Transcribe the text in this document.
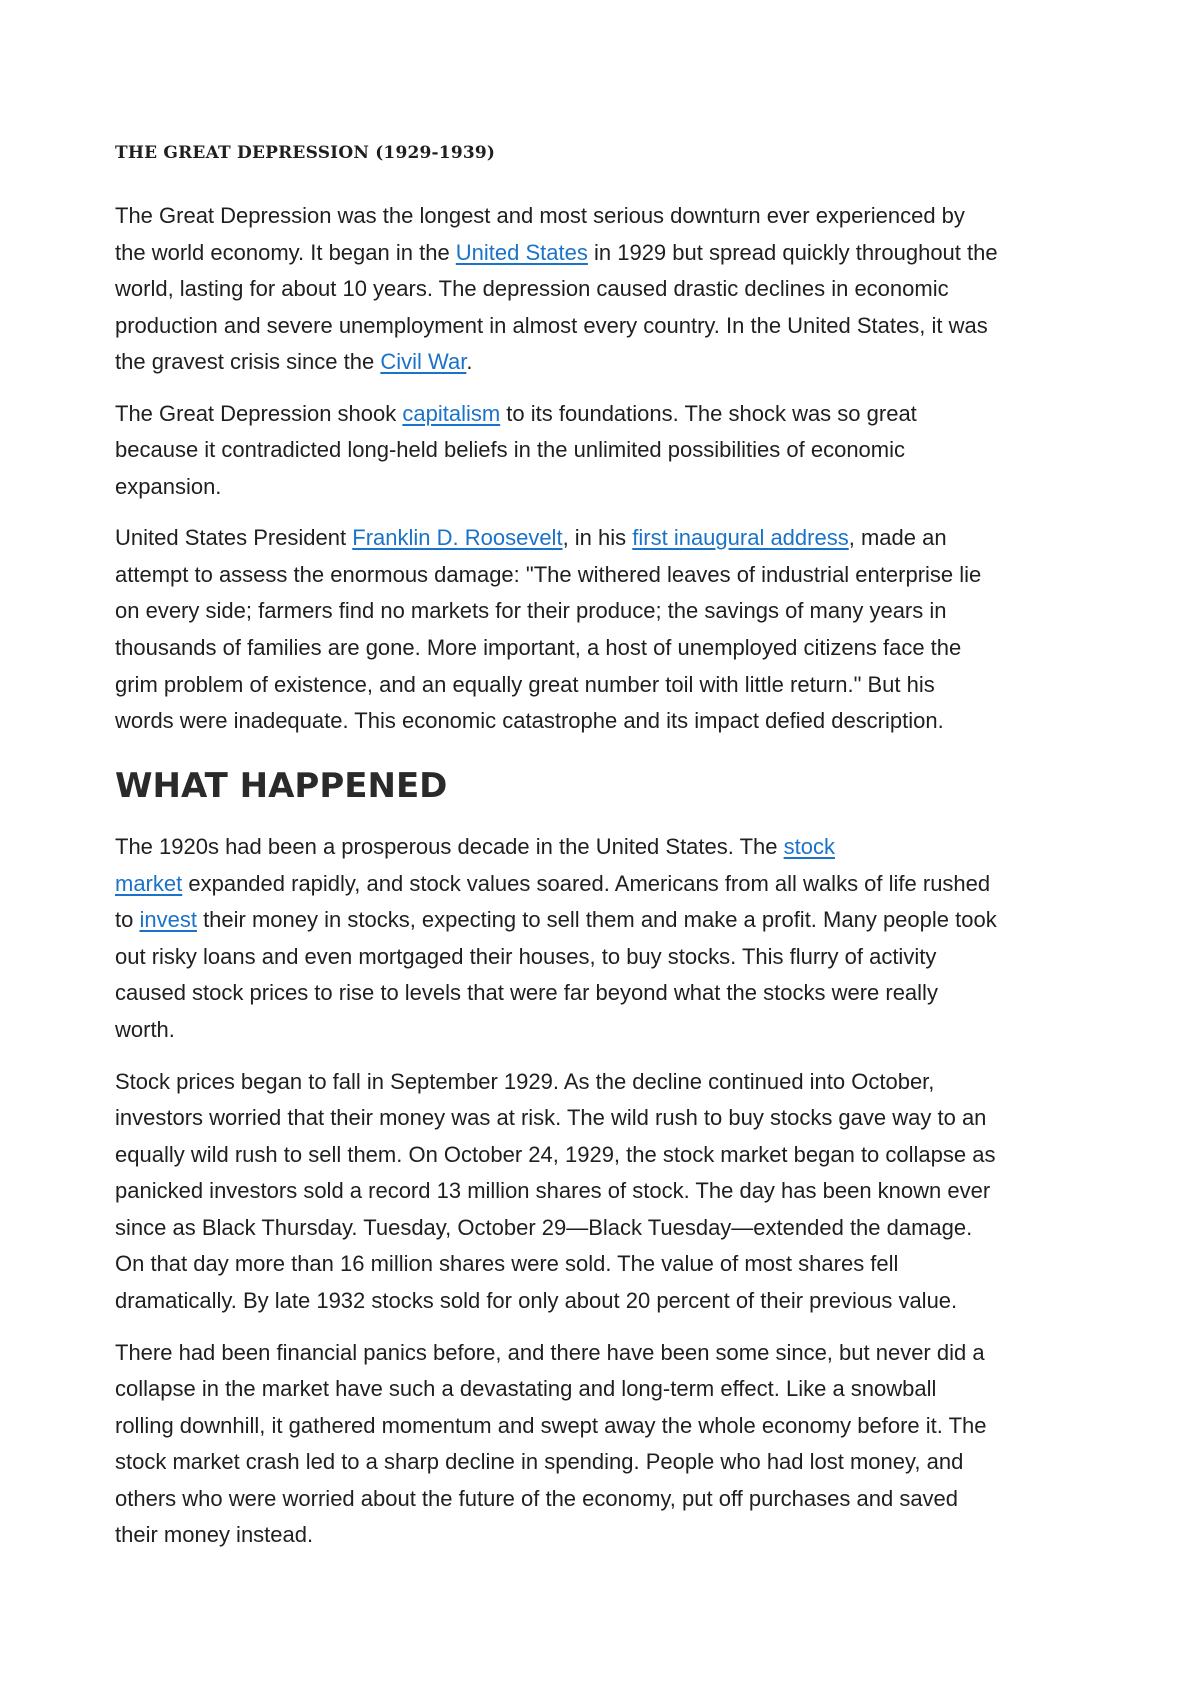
THE GREAT DEPRESSION (1929-1939)
The Great Depression was the longest and most serious downturn ever experienced by
the world economy. It began in the United States in 1929 but spread quickly throughout the
world, lasting for about 10 years. The depression caused drastic declines in economic
production and severe unemployment in almost every country. In the United States, it was
the gravest crisis since the Civil War.
The Great Depression shook capitalism to its foundations. The shock was so great
because it contradicted long-held beliefs in the unlimited possibilities of economic
expansion.
United States President Franklin D. Roosevelt, in his first inaugural address, made an
attempt to assess the enormous damage: "The withered leaves of industrial enterprise lie
on every side; farmers find no markets for their produce; the savings of many years in
thousands of families are gone. More important, a host of unemployed citizens face the
grim problem of existence, and an equally great number toil with little return." But his
words were inadequate. This economic catastrophe and its impact defied description.
WHAT HAPPENED
The 1920s had been a prosperous decade in the United States. The stock
market expanded rapidly, and stock values soared. Americans from all walks of life rushed
to invest their money in stocks, expecting to sell them and make a profit. Many people took
out risky loans and even mortgaged their houses, to buy stocks. This flurry of activity
caused stock prices to rise to levels that were far beyond what the stocks were really
worth.
Stock prices began to fall in September 1929. As the decline continued into October,
investors worried that their money was at risk. The wild rush to buy stocks gave way to an
equally wild rush to sell them. On October 24, 1929, the stock market began to collapse as
panicked investors sold a record 13 million shares of stock. The day has been known ever
since as Black Thursday. Tuesday, October 29—Black Tuesday—extended the damage.
On that day more than 16 million shares were sold. The value of most shares fell
dramatically. By late 1932 stocks sold for only about 20 percent of their previous value.
There had been financial panics before, and there have been some since, but never did a
collapse in the market have such a devastating and long-term effect. Like a snowball
rolling downhill, it gathered momentum and swept away the whole economy before it. The
stock market crash led to a sharp decline in spending. People who had lost money, and
others who were worried about the future of the economy, put off purchases and saved
their money instead.
